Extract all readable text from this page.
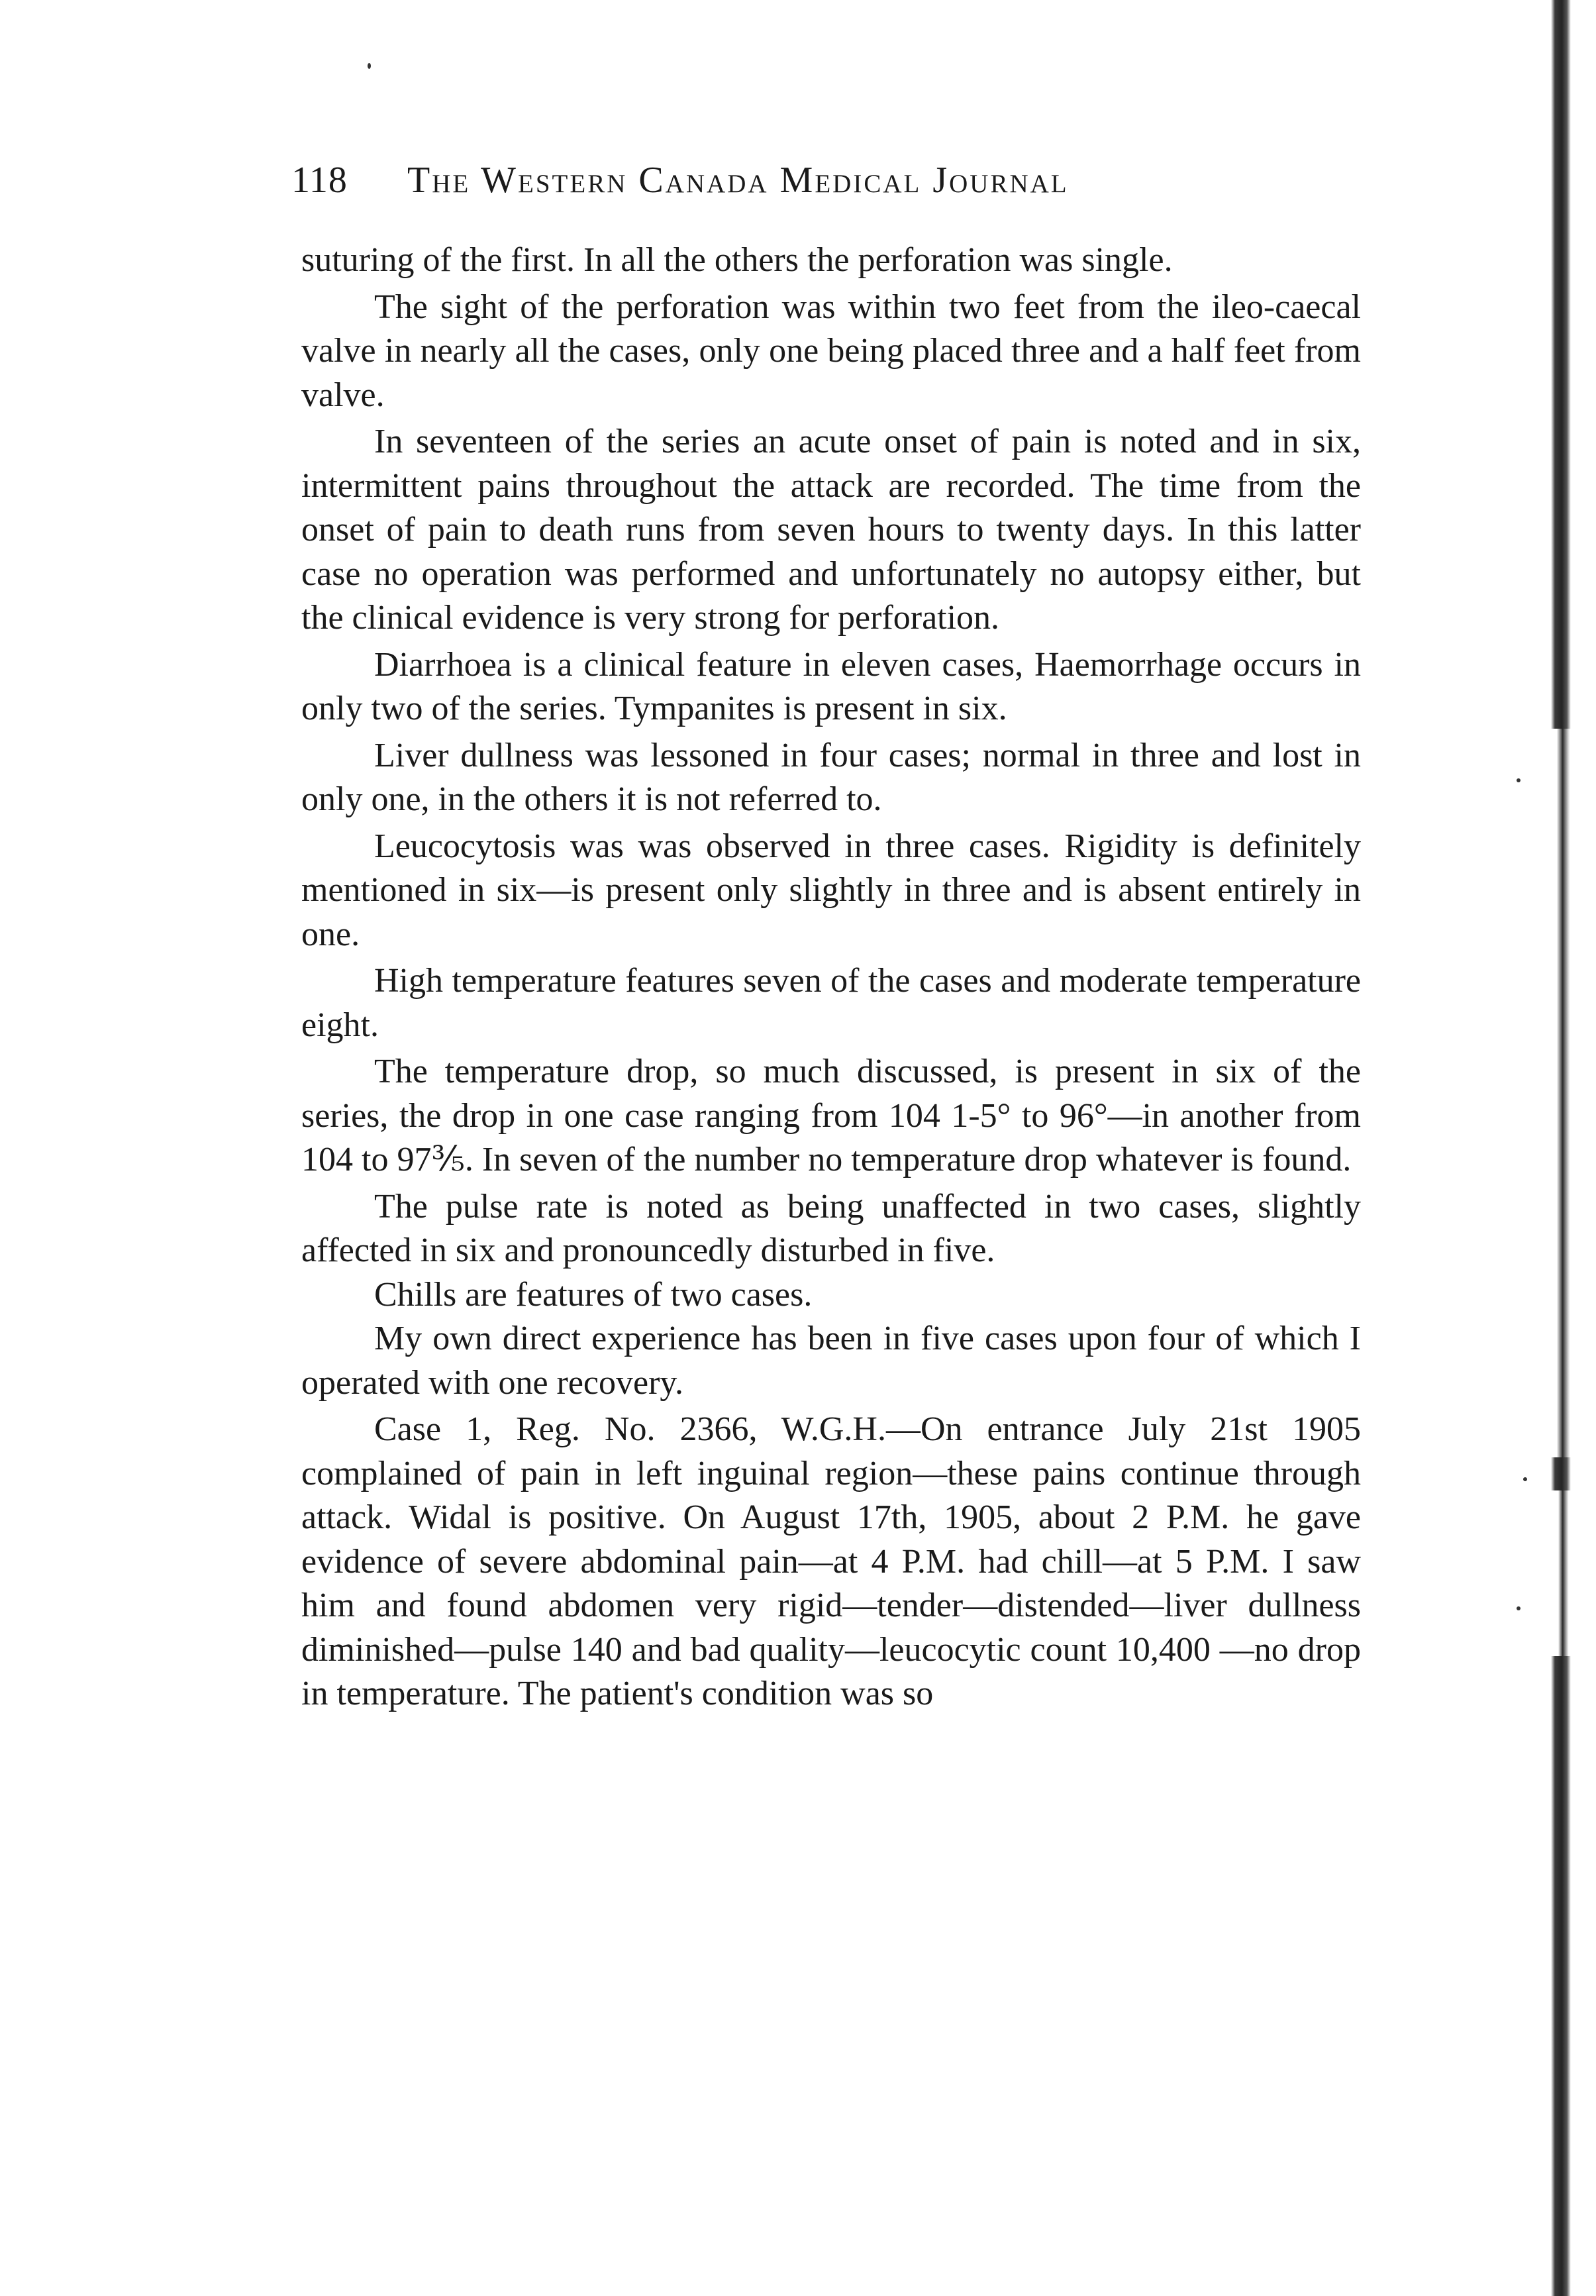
118 The Western Canada Medical Journal

suturing of the first. In all the others the perforation was single.

The sight of the perforation was within two feet from the ileo-caecal valve in nearly all the cases, only one being placed three and a half feet from valve.

In seventeen of the series an acute onset of pain is noted and in six, intermittent pains throughout the attack are recorded. The time from the onset of pain to death runs from seven hours to twenty days. In this latter case no operation was performed and unfortunately no autopsy either, but the clinical evidence is very strong for perforation.

Diarrhoea is a clinical feature in eleven cases, Haemorrhage occurs in only two of the series. Tympanites is present in six.

Liver dullness was lessoned in four cases; normal in three and lost in only one, in the others it is not referred to.

Leucocytosis was was observed in three cases. Rigidity is definitely mentioned in six—is present only slightly in three and is absent entirely in one.

High temperature features seven of the cases and moderate temperature eight.

The temperature drop, so much discussed, is present in six of the series, the drop in one case ranging from 104 1-5° to 96°—in another from 104 to 97⅗. In seven of the number no temperature drop whatever is found.

The pulse rate is noted as being unaffected in two cases, slightly affected in six and pronouncedly disturbed in five.

Chills are features of two cases.

My own direct experience has been in five cases upon four of which I operated with one recovery.

Case 1, Reg. No. 2366, W.G.H.—On entrance July 21st 1905 complained of pain in left inguinal region—these pains continue through attack. Widal is positive. On August 17th, 1905, about 2 P.M. he gave evidence of severe abdominal pain—at 4 P.M. had chill—at 5 P.M. I saw him and found abdomen very rigid—tender—distended—liver dullness diminished—pulse 140 and bad quality—leucocytic count 10,400 —no drop in temperature. The patient's condition was so
